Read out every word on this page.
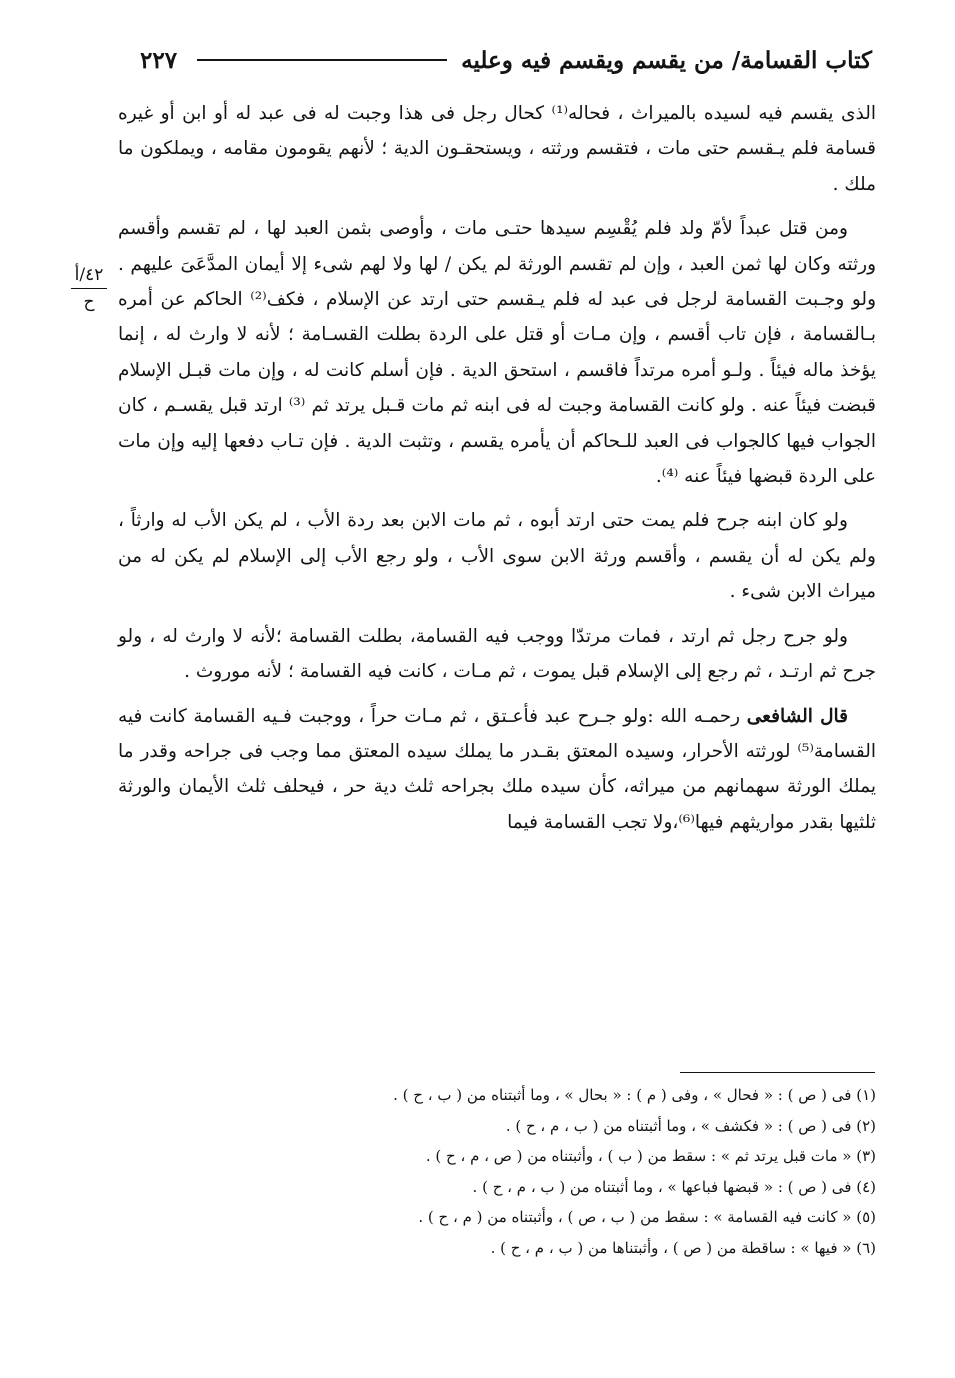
كتاب القسامة/ من يقسم ويقسم فيه وعليه
٢٢٧
٤٢/أ
ح

الذى يقسم فيه لسيده بالميراث ، فحاله⁽¹⁾ كحال رجل فى هذا وجبت له فى عبد له أو ابن أو غيره قسامة فلم يـقسم حتى مات ، فتقسم ورثته ، ويستحقـون الدية ؛ لأنهم يقومون مقامه ، ويملكون ما ملك .

ومن قتل عبداً لأمّ ولد فلم يُقْسِم سيدها حتـى مات ، وأوصى بثمن العبد لها ، لم تقسم وأقسم ورثته وكان لها ثمن العبد ، وإن لم تقسم الورثة لم يكن / لها ولا لهم شىء إلا أيمان المدَّعَىَ عليهم . ولو وجـبت القسامة لرجل فى عبد له فلم يـقسم حتى ارتد عن الإسلام ، فكف⁽²⁾ الحاكم عن أمره بـالقسامة ، فإن تاب أقسم ، وإن مـات أو قتل على الردة بطلت القسـامة ؛ لأنه لا وارث له ، إنما يؤخذ ماله فيئاً . ولـو أمره مرتداً فاقسم ، استحق الدية . فإن أسلم كانت له ، وإن مات قبـل الإسلام قبضت فيئاً عنه . ولو كانت القسامة وجبت له فى ابنه ثم مات قـبل يرتد ثم ⁽³⁾ ارتد قبل يقسـم ، كان الجواب فيها كالجواب فى العبد للـحاكم أن يأمره يقسم ، وتثبت الدية . فإن تـاب دفعها إليه وإن مات على الردة قبضها فيئاً عنه ⁽⁴⁾.

ولو كان ابنه جرح فلم يمت حتى ارتد أبوه ، ثم مات الابن بعد ردة الأب ، لم يكن الأب له وارثاً ، ولم يكن له أن يقسم ، وأقسم ورثة الابن سوى الأب ، ولو رجع الأب إلى الإسلام لم يكن له من ميراث الابن شىء .

ولو جرح رجل ثم ارتد ، فمات مرتدّا ووجب فيه القسامة، بطلت القسامة ؛لأنه لا وارث له ، ولو جرح ثم ارتـد ، ثم رجع إلى الإسلام قبل يموت ، ثم مـات ، كانت فيه القسامة ؛ لأنه موروث .

قال الشافعى رحمـه الله :ولو جـرح عبد فأعـتق ، ثم مـات حراً ، ووجبت فـيه القسامة كانت فيه القسامة⁽⁵⁾ لورثته الأحرار، وسيده المعتق بقـدر ما يملك سيده المعتق مما وجب فى جراحه وقدر ما يملك الورثة سهمانهم من ميراثه، كأن سيده ملك بجراحه ثلث دية حر ، فيحلف ثلث الأيمان والورثة ثلثيها بقدر مواريثهم فيها⁽⁶⁾،ولا تجب القسامة فيما

(١) فى ( ص ) : « فحال » ، وفى ( م ) : « بحال » ، وما أثبتناه من ( ب ، ح ) .
(٢) فى ( ص ) : « فكشف » ، وما أثبتناه من ( ب ، م ، ح ) .
(٣) « مات قبل يرتد ثم » : سقط من ( ب ) ، وأثبتناه من ( ص ، م ، ح ) .
(٤) فى ( ص ) : « قبضها فباعها » ، وما أثبتناه من ( ب ، م ، ح ) .
(٥) « كانت فيه القسامة » : سقط من ( ب ، ص ) ، وأثبتناه من ( م ، ح ) .
(٦) « فيها » : ساقطة من ( ص ) ، وأثبتناها من ( ب ، م ، ح ) .
